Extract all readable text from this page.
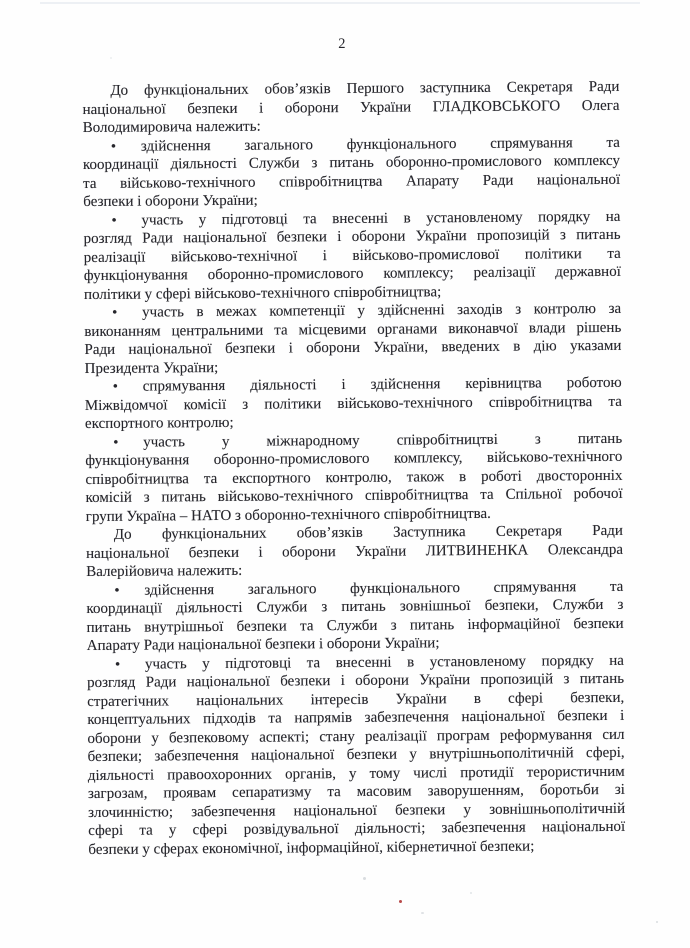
2
До функціональних обов’язків Першого заступника Секретаря Ради
національної безпеки і оборони України ГЛАДКОВСЬКОГО Олега
Володимировича належить:
• здійснення загального функціонального спрямування та
координації діяльності Служби з питань оборонно-промислового комплексу
та військово-технічного співробітництва Апарату Ради національної
безпеки і оборони України;
• участь у підготовці та внесенні в установленому порядку на
розгляд Ради національної безпеки і оборони України пропозицій з питань
реалізації військово-технічної і військово-промислової політики та
функціонування оборонно-промислового комплексу; реалізації державної
політики у сфері військово-технічного співробітництва;
• участь в межах компетенції у здійсненні заходів з контролю за
виконанням центральними та місцевими органами виконавчої влади рішень
Ради національної безпеки і оборони України, введених в дію указами
Президента України;
• спрямування діяльності і здійснення керівництва роботою
Міжвідомчої комісії з політики військово-технічного співробітництва та
експортного контролю;
• участь у міжнародному співробітництві з питань
функціонування оборонно-промислового комплексу, військово-технічного
співробітництва та експортного контролю, також в роботі двосторонніх
комісій з питань військово-технічного співробітництва та Спільної робочої
групи Україна – НАТО з оборонно-технічного співробітництва.
До функціональних обов’язків Заступника Секретаря Ради
національної безпеки і оборони України ЛИТВИНЕНКА Олександра
Валерійовича належить:
• здійснення загального функціонального спрямування та
координації діяльності Служби з питань зовнішньої безпеки, Служби з
питань внутрішньої безпеки та Служби з питань інформаційної безпеки
Апарату Ради національної безпеки і оборони України;
• участь у підготовці та внесенні в установленому порядку на
розгляд Ради національної безпеки і оборони України пропозицій з питань
стратегічних національних інтересів України в сфері безпеки,
концептуальних підходів та напрямів забезпечення національної безпеки і
оборони у безпековому аспекті; стану реалізації програм реформування сил
безпеки; забезпечення національної безпеки у внутрішньополітичній сфері,
діяльності правоохоронних органів, у тому числі протидії терористичним
загрозам, проявам сепаратизму та масовим заворушенням, боротьби зі
злочинністю; забезпечення національної безпеки у зовнішньополітичній
сфері та у сфері розвідувальної діяльності; забезпечення національної
безпеки у сферах економічної, інформаційної, кібернетичної безпеки;
